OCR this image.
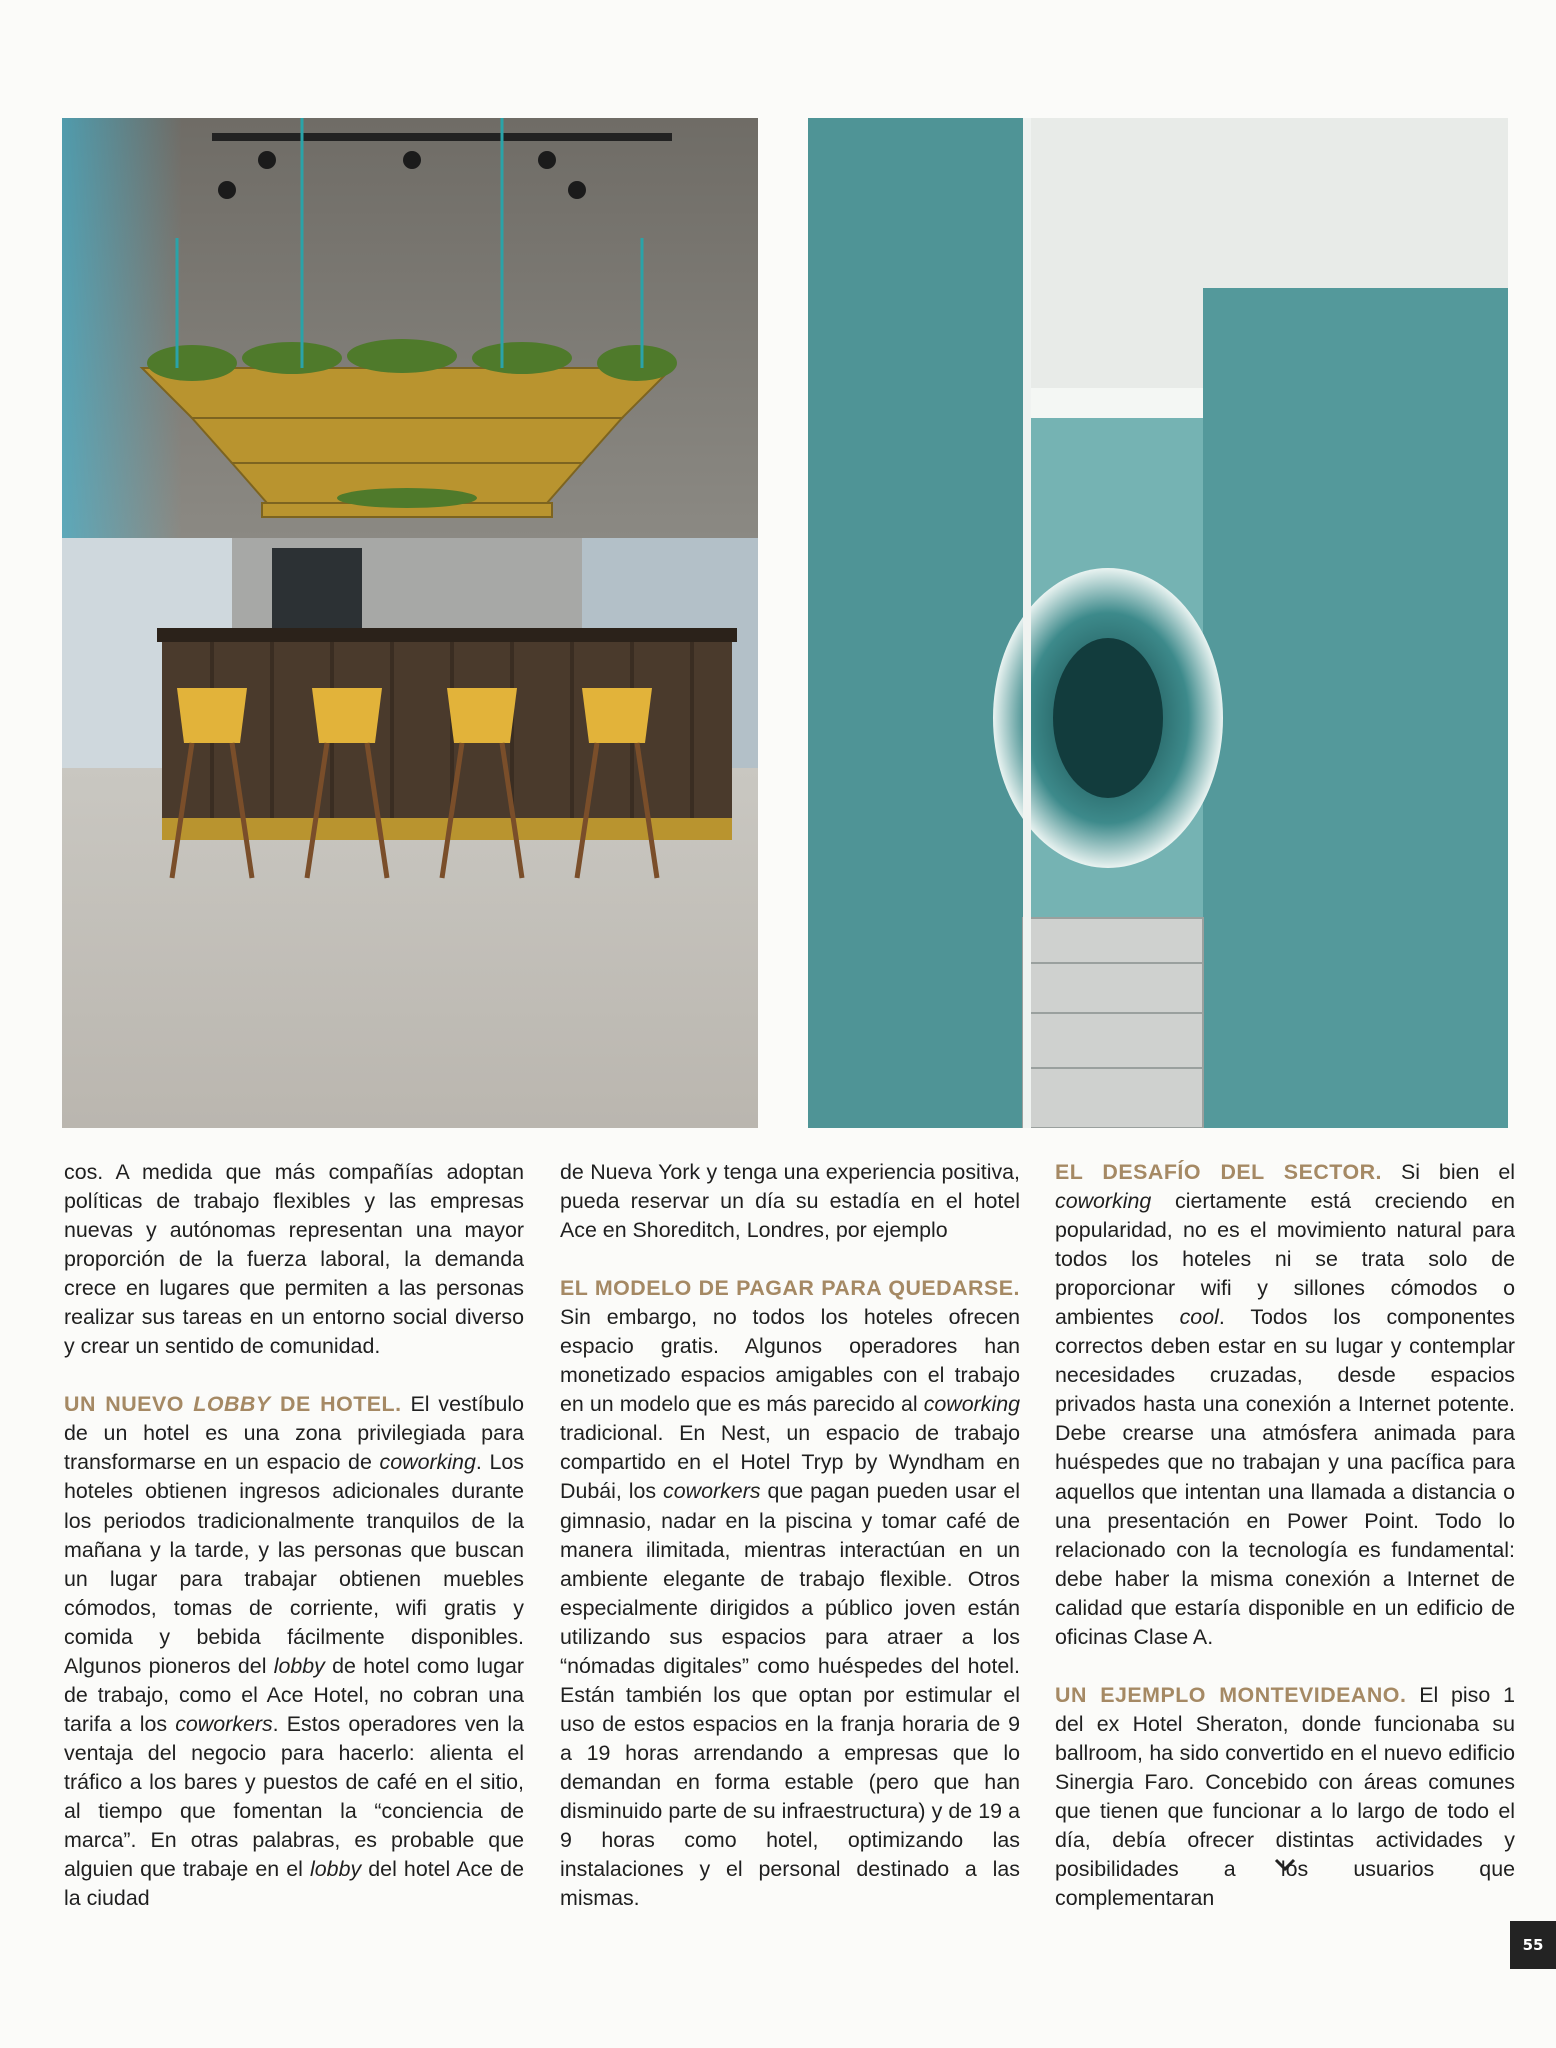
cos. A medida que más compañías adoptan políticas de trabajo flexibles y las empresas nuevas y autónomas representan una mayor proporción de la fuerza laboral, la demanda crece en lugares que permiten a las personas realizar sus tareas en un entorno social diverso y crear un sentido de comunidad.

UN NUEVO LOBBY DE HOTEL. El vestíbulo de un hotel es una zona privilegiada para transformarse en un espacio de coworking. Los hoteles obtienen ingresos adicionales durante los periodos tradicionalmente tranquilos de la mañana y la tarde, y las personas que buscan un lugar para trabajar obtienen muebles cómodos, tomas de corriente, wifi gratis y comida y bebida fácilmente disponibles. Algunos pioneros del lobby de hotel como lugar de trabajo, como el Ace Hotel, no cobran una tarifa a los coworkers. Estos operadores ven la ventaja del negocio para hacerlo: alienta el tráfico a los bares y puestos de café en el sitio, al tiempo que fomentan la “conciencia de marca”. En otras palabras, es probable que alguien que trabaje en el lobby del hotel Ace de la ciudad

de Nueva York y tenga una experiencia positiva, pueda reservar un día su estadía en el hotel Ace en Shoreditch, Londres, por ejemplo

EL MODELO DE PAGAR PARA QUEDARSE. Sin embargo, no todos los hoteles ofrecen espacio gratis. Algunos operadores han monetizado espacios amigables con el trabajo en un modelo que es más parecido al coworking tradicional. En Nest, un espacio de trabajo compartido en el Hotel Tryp by Wyndham en Dubái, los coworkers que pagan pueden usar el gimnasio, nadar en la piscina y tomar café de manera ilimitada, mientras interactúan en un ambiente elegante de trabajo flexible. Otros especialmente dirigidos a público joven están utilizando sus espacios para atraer a los “nómadas digitales” como huéspedes del hotel. Están también los que optan por estimular el uso de estos espacios en la franja horaria de 9 a 19 horas arrendando a empresas que lo demandan en forma estable (pero que han disminuido parte de su infraestructura) y de 19 a 9 horas como hotel, optimizando las instalaciones y el personal destinado a las mismas.

EL DESAFÍO DEL SECTOR. Si bien el coworking ciertamente está creciendo en popularidad, no es el movimiento natural para todos los hoteles ni se trata solo de proporcionar wifi y sillones cómodos o ambientes cool. Todos los componentes correctos deben estar en su lugar y contemplar necesidades cruzadas, desde espacios privados hasta una conexión a Internet potente. Debe crearse una atmósfera animada para huéspedes que no trabajan y una pacífica para aquellos que intentan una llamada a distancia o una presentación en Power Point. Todo lo relacionado con la tecnología es fundamental: debe haber la misma conexión a Internet de calidad que estaría disponible en un edificio de oficinas Clase A.

UN EJEMPLO MONTEVIDEANO. El piso 1 del ex Hotel Sheraton, donde funcionaba su ballroom, ha sido convertido en el nuevo edificio Sinergia Faro. Concebido con áreas comunes que tienen que funcionar a lo largo de todo el día, debía ofrecer distintas actividades y posibilidades a los usuarios que complementaran

55
